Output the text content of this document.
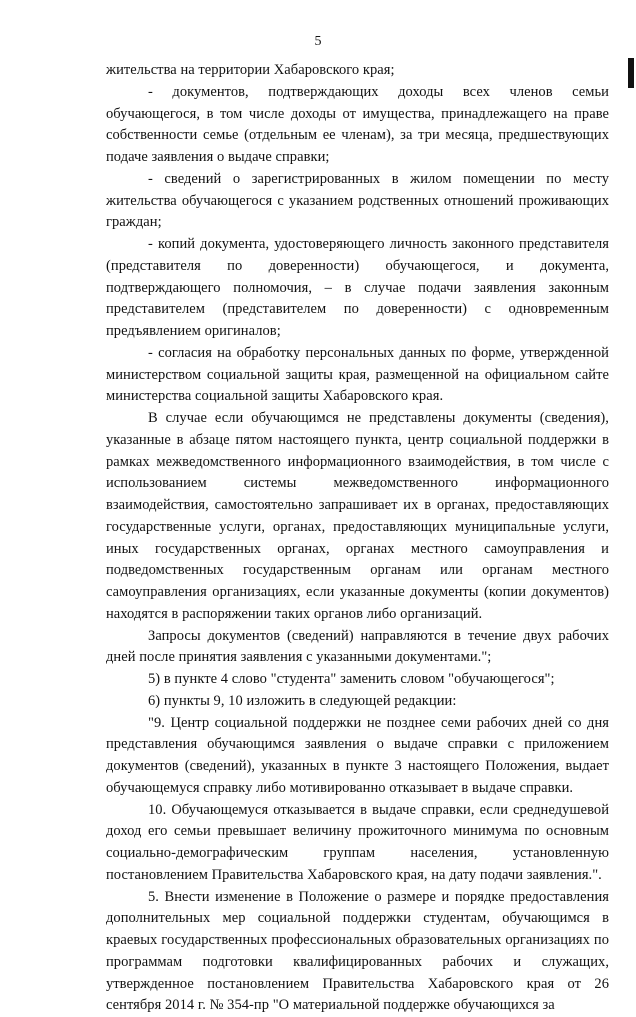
5

жительства на территории Хабаровского края;

- документов, подтверждающих доходы всех членов семьи обучающегося, в том числе доходы от имущества, принадлежащего на праве собственности семье (отдельным ее членам), за три месяца, предшествующих подаче заявления о выдаче справки;

- сведений о зарегистрированных в жилом помещении по месту жительства обучающегося с указанием родственных отношений проживающих граждан;

- копий документа, удостоверяющего личность законного представителя (представителя по доверенности) обучающегося, и документа, подтверждающего полномочия, – в случае подачи заявления законным представителем (представителем по доверенности) с одновременным предъявлением оригиналов;

- согласия на обработку персональных данных по форме, утвержденной министерством социальной защиты края, размещенной на официальном сайте министерства социальной защиты Хабаровского края.

В случае если обучающимся не представлены документы (сведения), указанные в абзаце пятом настоящего пункта, центр социальной поддержки в рамках межведомственного информационного взаимодействия, в том числе с использованием системы межведомственного информационного взаимодействия, самостоятельно запрашивает их в органах, предоставляющих государственные услуги, органах, предоставляющих муниципальные услуги, иных государственных органах, органах местного самоуправления и подведомственных государственным органам или органам местного самоуправления организациях, если указанные документы (копии документов) находятся в распоряжении таких органов либо организаций.

Запросы документов (сведений) направляются в течение двух рабочих дней после принятия заявления с указанными документами.";

5) в пункте 4 слово "студента" заменить словом "обучающегося";

6) пункты 9, 10 изложить в следующей редакции:

"9. Центр социальной поддержки не позднее семи рабочих дней со дня представления обучающимся заявления о выдаче справки с приложением документов (сведений), указанных в пункте 3 настоящего Положения, выдает обучающемуся справку либо мотивированно отказывает в выдаче справки.

10. Обучающемуся отказывается в выдаче справки, если среднедушевой доход его семьи превышает величину прожиточного минимума по основным социально-демографическим группам населения, установленную постановлением Правительства Хабаровского края, на дату подачи заявления.".

5. Внести изменение в Положение о размере и порядке предоставления дополнительных мер социальной поддержки студентам, обучающимся в краевых государственных профессиональных образовательных организациях по программам подготовки квалифицированных рабочих и служащих, утвержденное постановлением Правительства Хабаровского края от 26 сентября 2014 г. № 354-пр "О материальной поддержке обучающихся за
